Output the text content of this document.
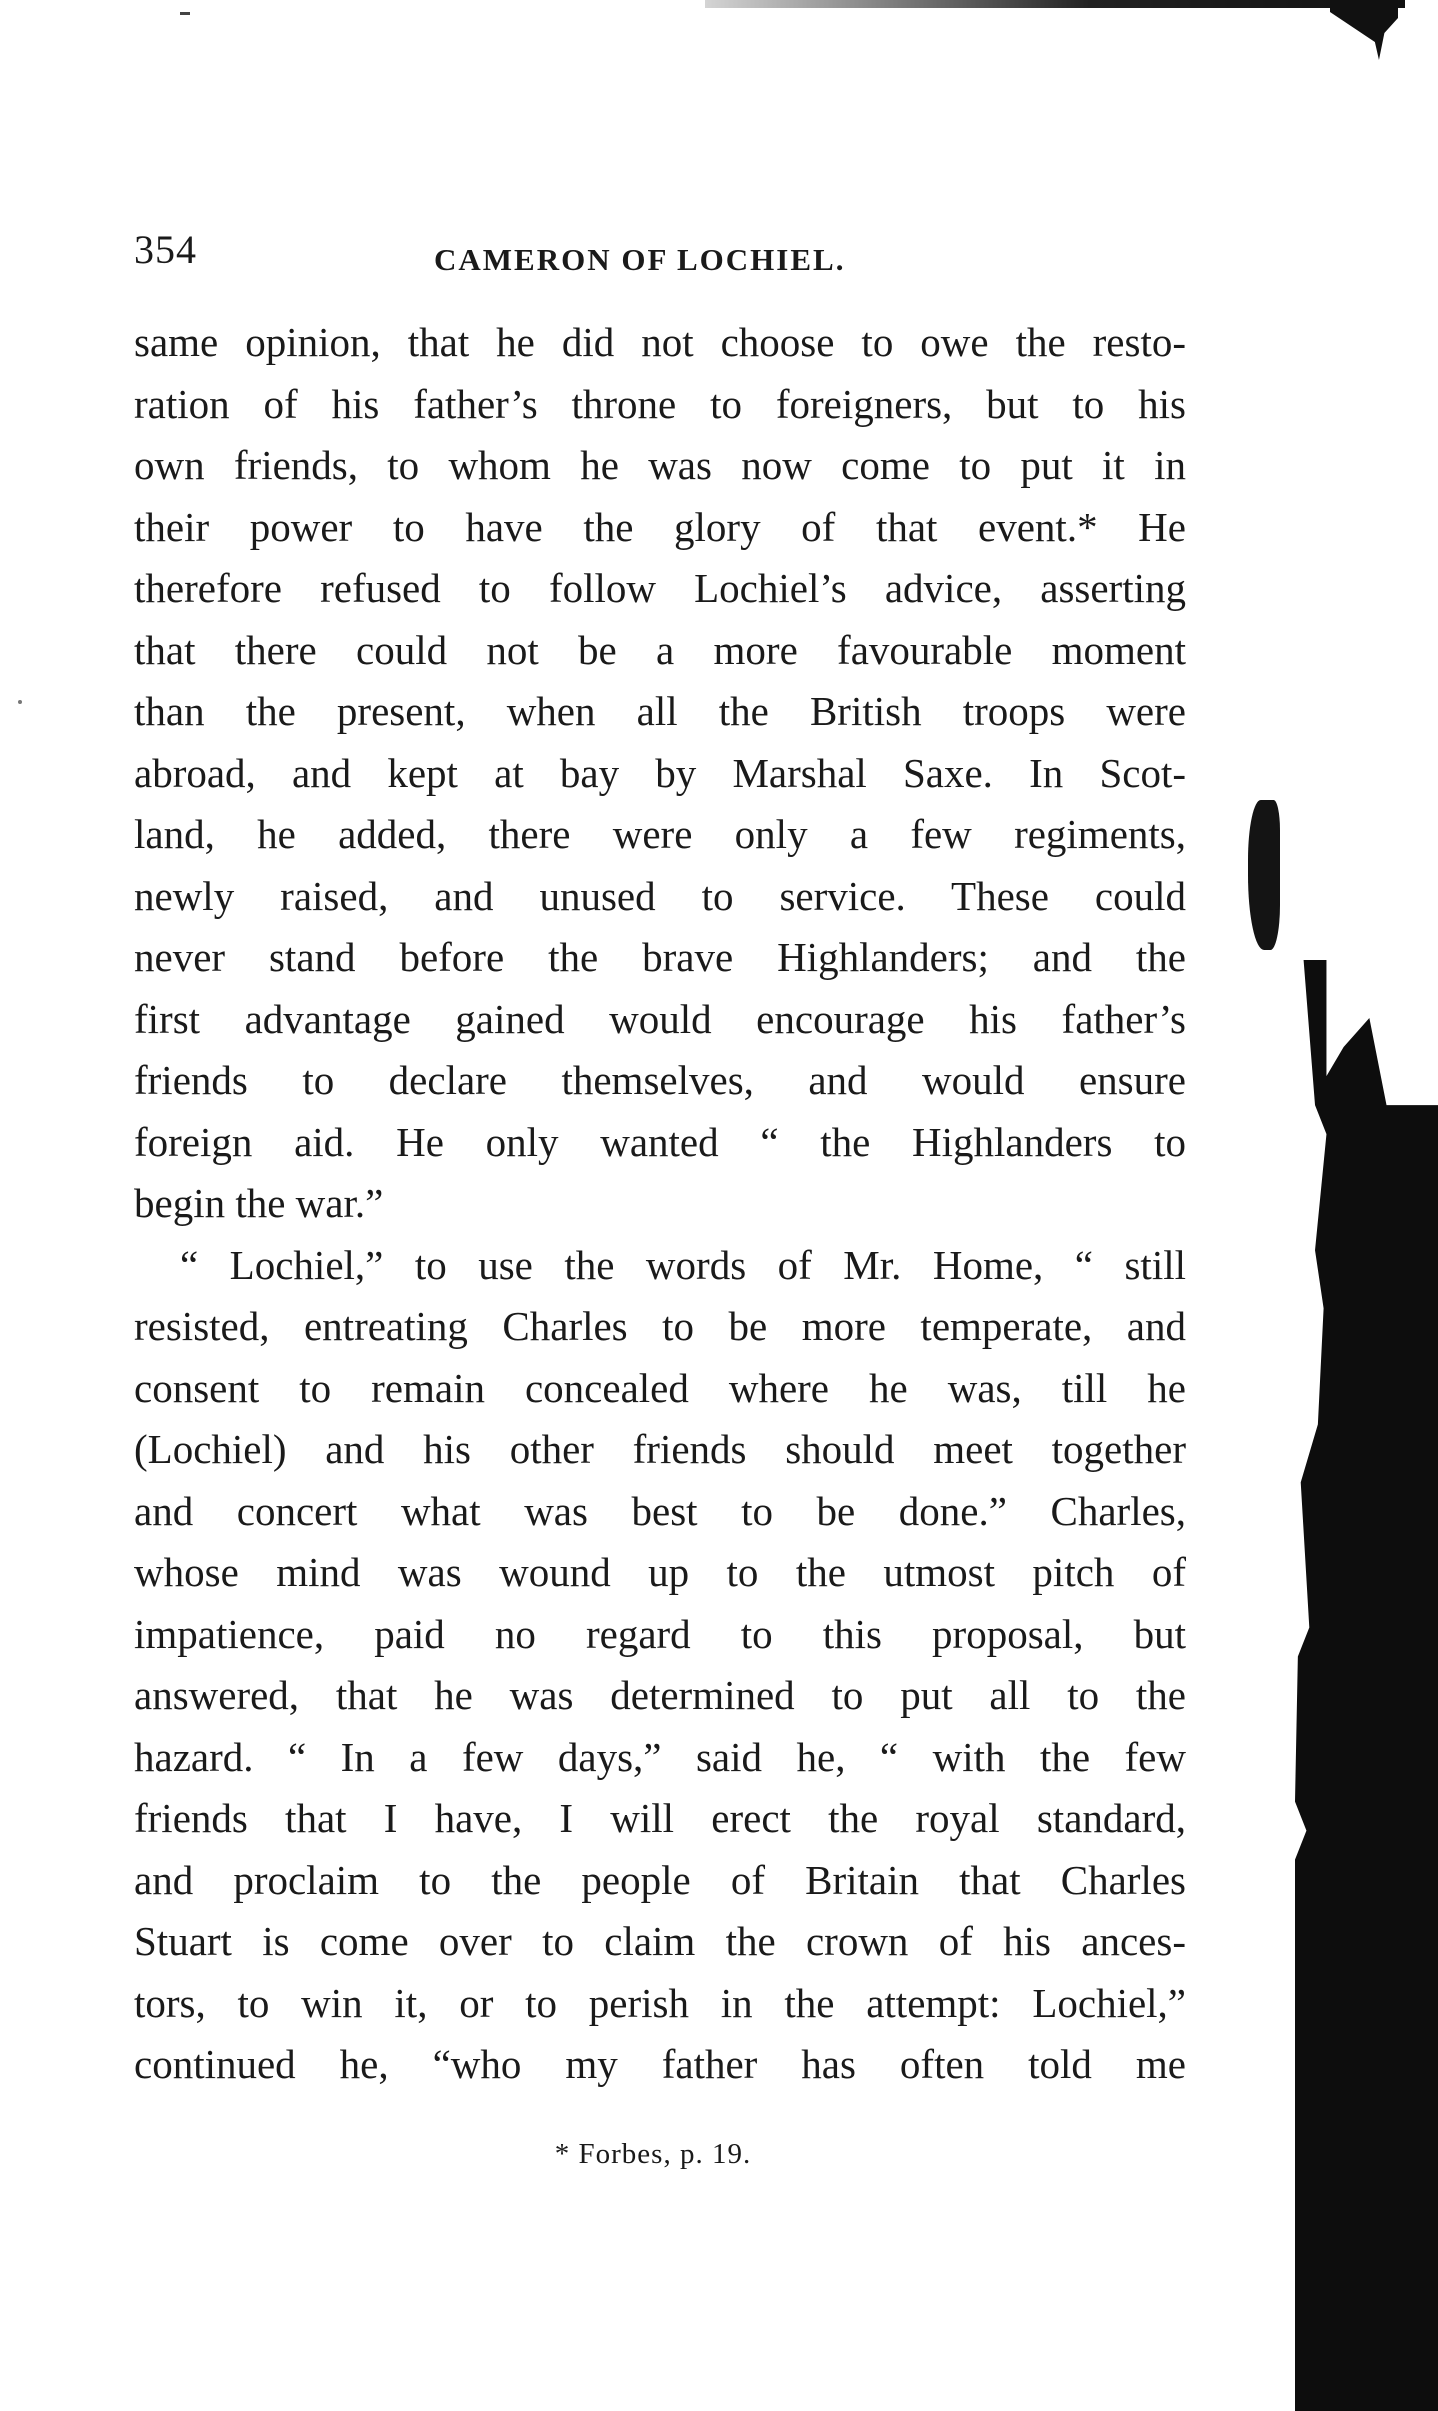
354	CAMERON OF LOCHIEL.
same opinion, that he did not choose to owe the resto-
ration of his father’s throne to foreigners, but to his
own friends, to whom he was now come to put it in
their power to have the glory of that event.* He
therefore refused to follow Lochiel’s advice, asserting
that there could not be a more favourable moment
than the present, when all the British troops were
abroad, and kept at bay by Marshal Saxe. In Scot-
land, he added, there were only a few regiments,
newly raised, and unused to service. These could
never stand before the brave Highlanders; and the
first advantage gained would encourage his father’s
friends to declare themselves, and would ensure
foreign aid. He only wanted “ the Highlanders to
begin the war.”
“ Lochiel,” to use the words of Mr. Home, “ still
resisted, entreating Charles to be more temperate, and
consent to remain concealed where he was, till he
(Lochiel) and his other friends should meet together
and concert what was best to be done.” Charles,
whose mind was wound up to the utmost pitch of
impatience, paid no regard to this proposal, but
answered, that he was determined to put all to the
hazard. “ In a few days,” said he, “ with the few
friends that I have, I will erect the royal standard,
and proclaim to the people of Britain that Charles
Stuart is come over to claim the crown of his ances-
tors, to win it, or to perish in the attempt: Lochiel,”
continued he, “who my father has often told me
* Forbes, p. 19.
